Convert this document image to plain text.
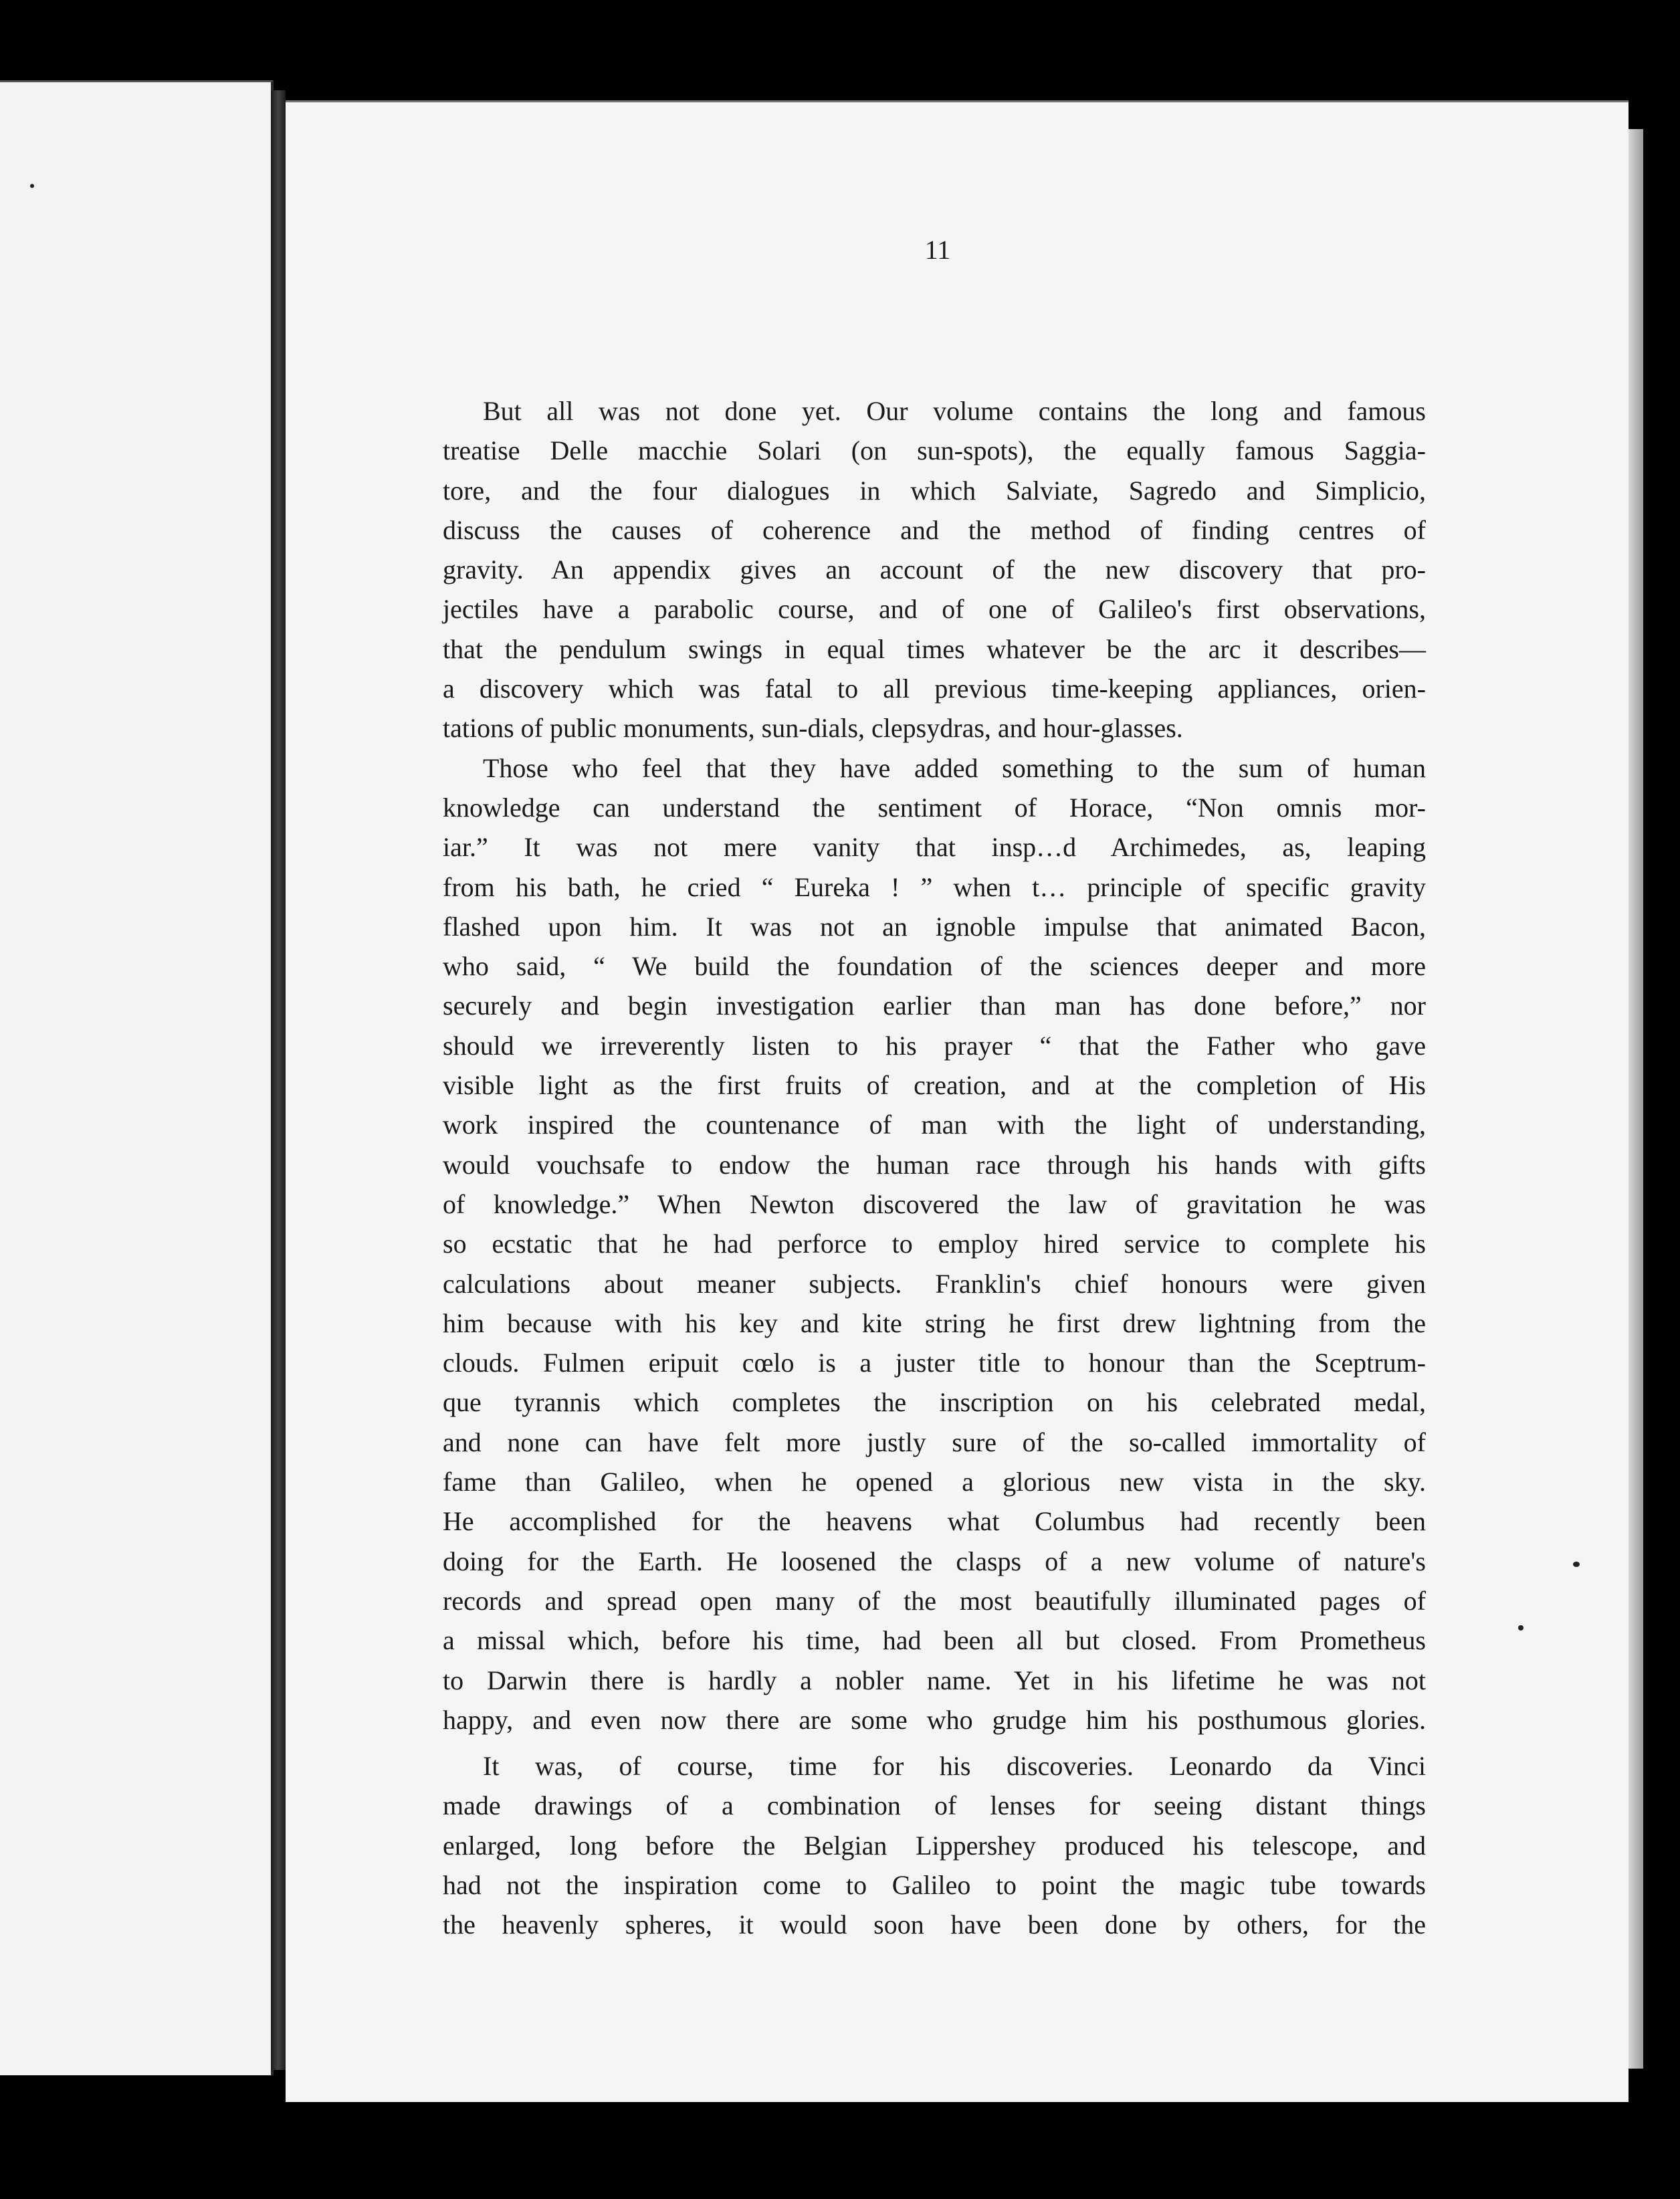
11
But all was not done yet. Our volume contains the long and famous
treatise Delle macchie Solari (on sun-spots), the equally famous Saggia-
tore, and the four dialogues in which Salviate, Sagredo and Simplicio,
discuss the causes of coherence and the method of finding centres of
gravity. An appendix gives an account of the new discovery that pro-
jectiles have a parabolic course, and of one of Galileo's first observations,
that the pendulum swings in equal times whatever be the arc it describes—
a discovery which was fatal to all previous time-keeping appliances, orien-
tations of public monuments, sun-dials, clepsydras, and hour-glasses.
Those who feel that they have added something to the sum of human
knowledge can understand the sentiment of Horace, “Non omnis mor-
iar.” It was not mere vanity that insp…d Archimedes, as, leaping
from his bath, he cried “ Eureka ! ” when t… principle of specific gravity
flashed upon him. It was not an ignoble impulse that animated Bacon,
who said, “ We build the foundation of the sciences deeper and more
securely and begin investigation earlier than man has done before,” nor
should we irreverently listen to his prayer “ that the Father who gave
visible light as the first fruits of creation, and at the completion of His
work inspired the countenance of man with the light of understanding,
would vouchsafe to endow the human race through his hands with gifts
of knowledge.” When Newton discovered the law of gravitation he was
so ecstatic that he had perforce to employ hired service to complete his
calculations about meaner subjects. Franklin's chief honours were given
him because with his key and kite string he first drew lightning from the
clouds. Fulmen eripuit cœlo is a juster title to honour than the Sceptrum-
que tyrannis which completes the inscription on his celebrated medal,
and none can have felt more justly sure of the so-called immortality of
fame than Galileo, when he opened a glorious new vista in the sky.
He accomplished for the heavens what Columbus had recently been
doing for the Earth. He loosened the clasps of a new volume of nature's
records and spread open many of the most beautifully illuminated pages of
a missal which, before his time, had been all but closed. From Prometheus
to Darwin there is hardly a nobler name. Yet in his lifetime he was not
happy, and even now there are some who grudge him his posthumous glories.
It was, of course, time for his discoveries. Leonardo da Vinci
made drawings of a combination of lenses for seeing distant things
enlarged, long before the Belgian Lippershey produced his telescope, and
had not the inspiration come to Galileo to point the magic tube towards
the heavenly spheres, it would soon have been done by others, for the
